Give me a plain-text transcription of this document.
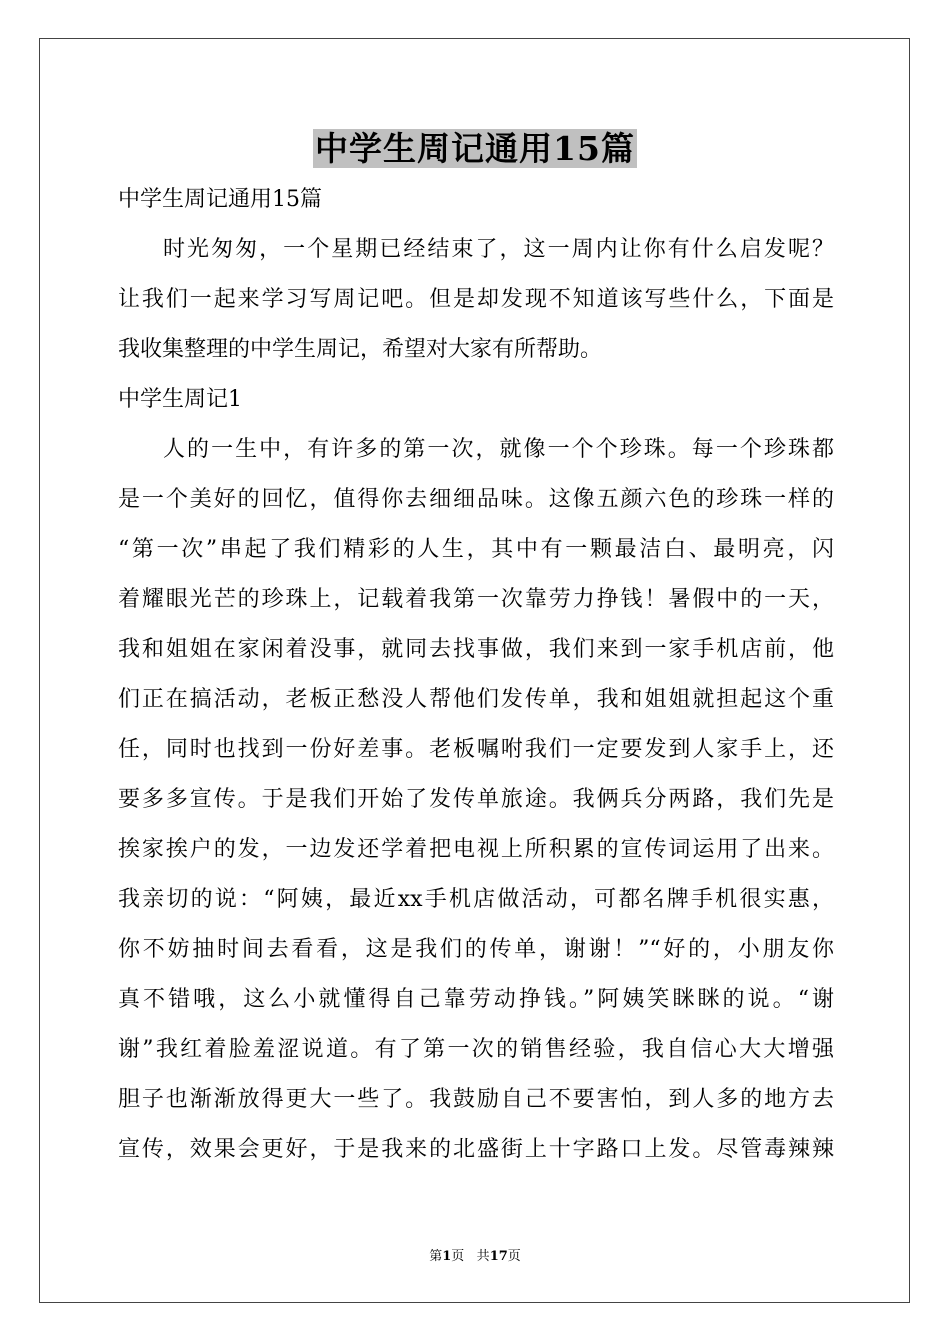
中学生周记通用15篇
中学生周记通用15篇
时光匆匆，一个星期已经结束了，这一周内让你有什么启发呢？
让我们一起来学习写周记吧。但是却发现不知道该写些什么，下面是
我收集整理的中学生周记，希望对大家有所帮助。
中学生周记1
人的一生中，有许多的第一次，就像一个个珍珠。每一个珍珠都
是一个美好的回忆，值得你去细细品味。这像五颜六色的珍珠一样的
“第一次”串起了我们精彩的人生，其中有一颗最洁白、最明亮，闪
着耀眼光芒的珍珠上，记载着我第一次靠劳力挣钱！暑假中的一天，
我和姐姐在家闲着没事，就同去找事做，我们来到一家手机店前，他
们正在搞活动，老板正愁没人帮他们发传单，我和姐姐就担起这个重
任，同时也找到一份好差事。老板嘱咐我们一定要发到人家手上，还
要多多宣传。于是我们开始了发传单旅途。我俩兵分两路，我们先是
挨家挨户的发，一边发还学着把电视上所积累的宣传词运用了出来。
我亲切的说：“阿姨，最近xx手机店做活动，可都名牌手机很实惠，
你不妨抽时间去看看，这是我们的传单，谢谢！”“好的，小朋友你
真不错哦，这么小就懂得自己靠劳动挣钱。”阿姨笑眯眯的说。“谢
谢”我红着脸羞涩说道。有了第一次的销售经验，我自信心大大增强
胆子也渐渐放得更大一些了。我鼓励自己不要害怕，到人多的地方去
宣传，效果会更好，于是我来的北盛街上十字路口上发。尽管毒辣辣
第1页 共17页
